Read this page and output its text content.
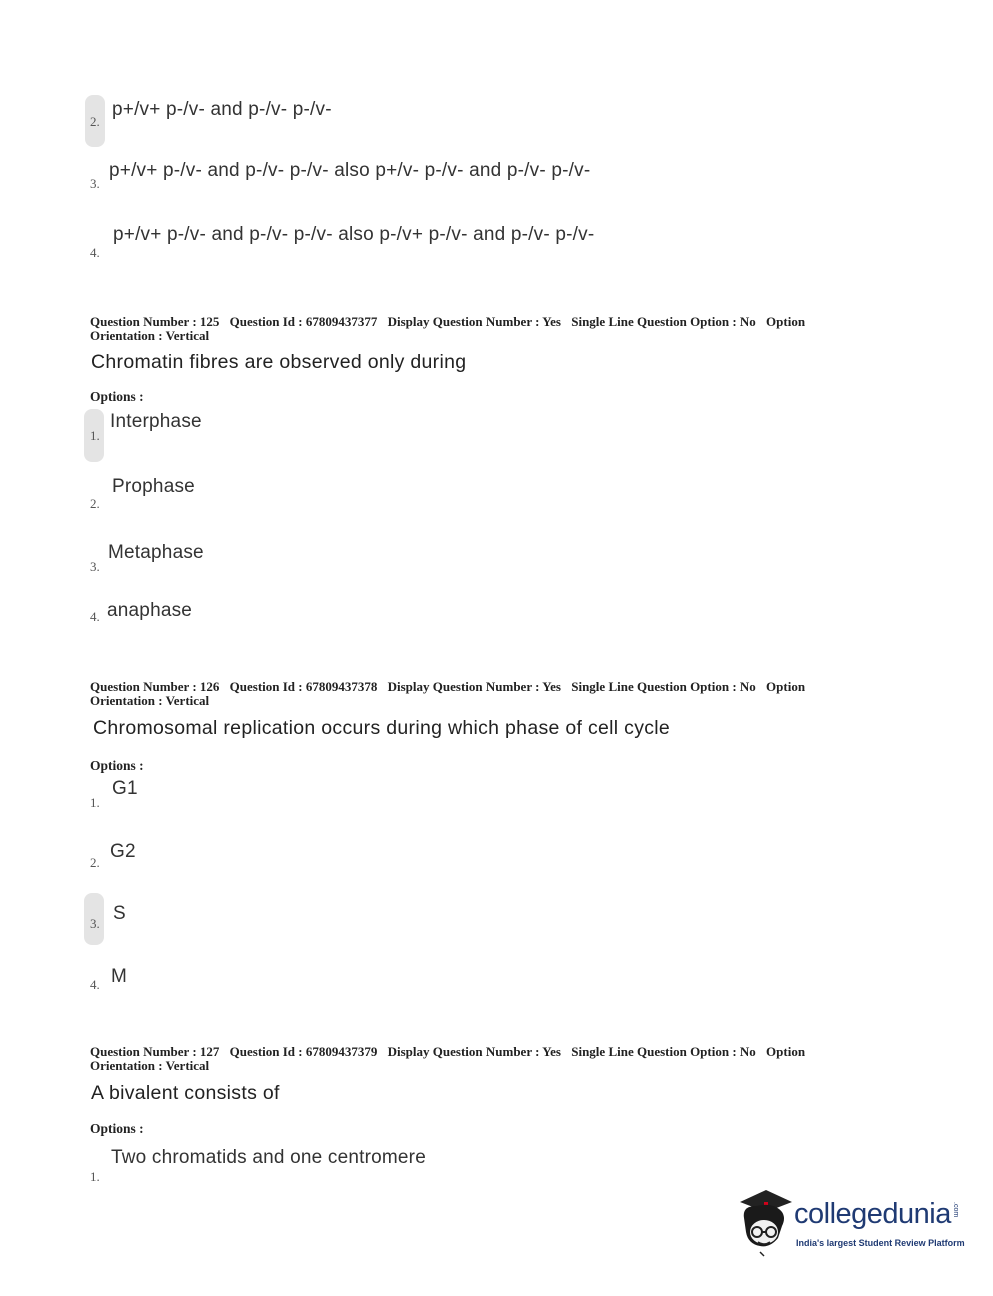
2.
p+/v+ p-/v- and p-/v- p-/v-
3.
p+/v+ p-/v- and p-/v- p-/v- also p+/v- p-/v- and p-/v- p-/v-
4.
p+/v+ p-/v- and p-/v- p-/v- also p-/v+ p-/v- and p-/v- p-/v-
Question Number : 125 Question Id : 67809437377 Display Question Number : Yes Single Line Question Option : No Option
Orientation : Vertical
Chromatin fibres are observed only during
Options :
1.
Interphase
2.
Prophase
3.
Metaphase
4. anaphase
Question Number : 126 Question Id : 67809437378 Display Question Number : Yes Single Line Question Option : No Option
Orientation : Vertical
Chromosomal replication occurs during which phase of cell cycle
Options :
1.
G1
2.
G2
3. S
4. M
Question Number : 127 Question Id : 67809437379 Display Question Number : Yes Single Line Question Option : No Option
Orientation : Vertical
A bivalent consists of
Options :
1.
Two chromatids and one centromere
collegedunia .com
India's largest Student Review Platform
